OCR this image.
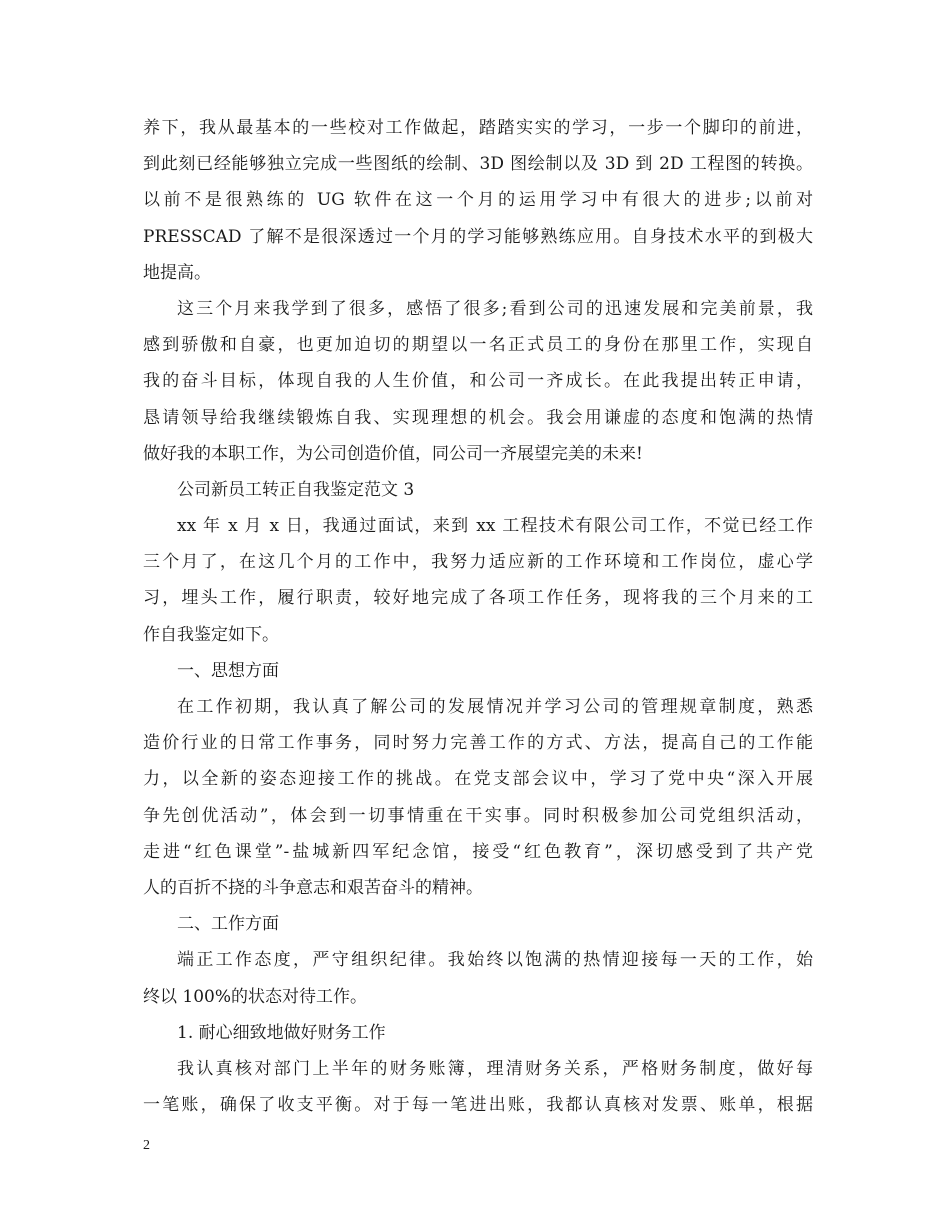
养下，我从最基本的一些校对工作做起，踏踏实实的学习，一步一个脚印的前进，
到此刻已经能够独立完成一些图纸的绘制、3D 图绘制以及 3D 到 2D 工程图的转换。
以前不是很熟练的 UG 软件在这一个月的运用学习中有很大的进步;以前对
PRESSCAD 了解不是很深透过一个月的学习能够熟练应用。自身技术水平的到极大
地提高。
这三个月来我学到了很多，感悟了很多;看到公司的迅速发展和完美前景，我
感到骄傲和自豪，也更加迫切的期望以一名正式员工的身份在那里工作，实现自
我的奋斗目标，体现自我的人生价值，和公司一齐成长。在此我提出转正申请，
恳请领导给我继续锻炼自我、实现理想的机会。我会用谦虚的态度和饱满的热情
做好我的本职工作，为公司创造价值，同公司一齐展望完美的未来!
公司新员工转正自我鉴定范文 3
xx 年 x 月 x 日，我通过面试，来到 xx 工程技术有限公司工作，不觉已经工作
三个月了，在这几个月的工作中，我努力适应新的工作环境和工作岗位，虚心学
习，埋头工作，履行职责，较好地完成了各项工作任务，现将我的三个月来的工
作自我鉴定如下。
一、思想方面
在工作初期，我认真了解公司的发展情况并学习公司的管理规章制度，熟悉
造价行业的日常工作事务，同时努力完善工作的方式、方法，提高自己的工作能
力，以全新的姿态迎接工作的挑战。在党支部会议中，学习了党中央“深入开展
争先创优活动”，体会到一切事情重在干实事。同时积极参加公司党组织活动，
走进“红色课堂”-盐城新四军纪念馆，接受“红色教育”，深切感受到了共产党
人的百折不挠的斗争意志和艰苦奋斗的精神。
二、工作方面
端正工作态度，严守组织纪律。我始终以饱满的热情迎接每一天的工作，始
终以 100%的状态对待工作。
1. 耐心细致地做好财务工作
我认真核对部门上半年的财务账簿，理清财务关系，严格财务制度，做好每
一笔账，确保了收支平衡。对于每一笔进出账，我都认真核对发票、账单，根据
2
